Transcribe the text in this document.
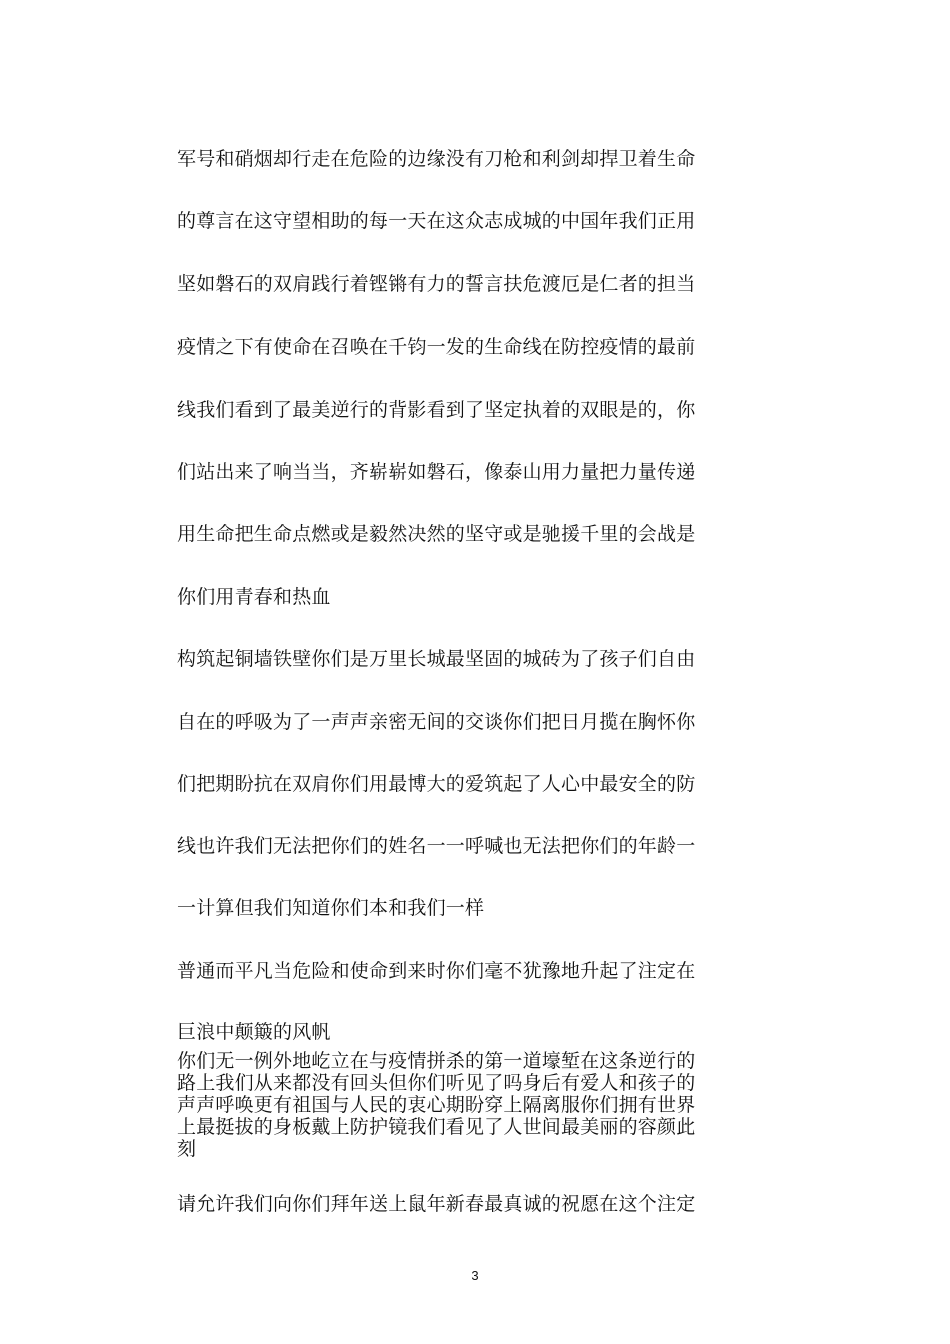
军号和硝烟却行走在危险的边缘没有刀枪和利剑却捍卫着生命
的尊言在这守望相助的每一天在这众志成城的中国年我们正用
坚如磐石的双肩践行着铿锵有力的誓言扶危渡厄是仁者的担当
疫情之下有使命在召唤在千钧一发的生命线在防控疫情的最前
线我们看到了最美逆行的背影看到了坚定执着的双眼是的，你
们站出来了响当当，齐崭崭如磐石，像泰山用力量把力量传递
用生命把生命点燃或是毅然决然的坚守或是驰援千里的会战是
你们用青春和热血
构筑起铜墙铁壁你们是万里长城最坚固的城砖为了孩子们自由
自在的呼吸为了一声声亲密无间的交谈你们把日月揽在胸怀你
们把期盼抗在双肩你们用最博大的爱筑起了人心中最安全的防
线也许我们无法把你们的姓名一一呼喊也无法把你们的年龄一
一计算但我们知道你们本和我们一样
普通而平凡当危险和使命到来时你们毫不犹豫地升起了注定在
巨浪中颠簸的风帆
你们无一例外地屹立在与疫情拼杀的第一道壕堑在这条逆行的
路上我们从来都没有回头但你们听见了吗身后有爱人和孩子的
声声呼唤更有祖国与人民的衷心期盼穿上隔离服你们拥有世界
上最挺拔的身板戴上防护镜我们看见了人世间最美丽的容颜此
刻
请允许我们向你们拜年送上鼠年新春最真诚的祝愿在这个注定
3
